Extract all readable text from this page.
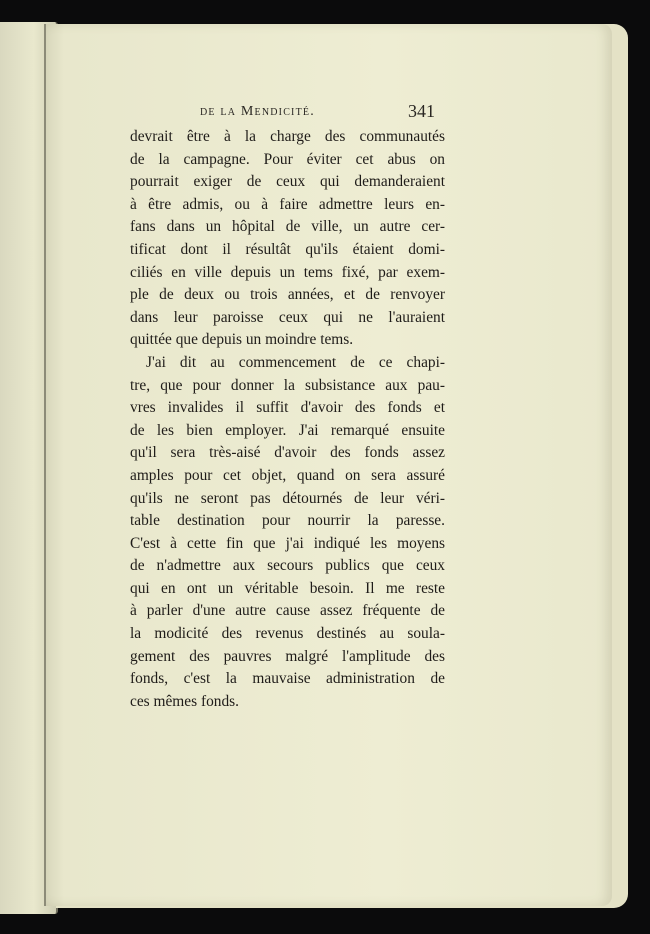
de la Mendicité.	341
devrait être à la charge des communautés
de la campagne. Pour éviter cet abus on
pourrait exiger de ceux qui demanderaient
à être admis, ou à faire admettre leurs en-
fans dans un hôpital de ville, un autre cer-
tificat dont il résultât qu'ils étaient domi-
ciliés en ville depuis un tems fixé, par exem-
ple de deux ou trois années, et de renvoyer
dans leur paroisse ceux qui ne l'auraient
quittée que depuis un moindre tems.
J'ai dit au commencement de ce chapi-
tre, que pour donner la subsistance aux pau-
vres invalides il suffit d'avoir des fonds et
de les bien employer. J'ai remarqué ensuite
qu'il sera très-aisé d'avoir des fonds assez
amples pour cet objet, quand on sera assuré
qu'ils ne seront pas détournés de leur véri-
table destination pour nourrir la paresse.
C'est à cette fin que j'ai indiqué les moyens
de n'admettre aux secours publics que ceux
qui en ont un véritable besoin. Il me reste
à parler d'une autre cause assez fréquente de
la modicité des revenus destinés au soula-
gement des pauvres malgré l'amplitude des
fonds, c'est la mauvaise administration de
ces mêmes fonds.
